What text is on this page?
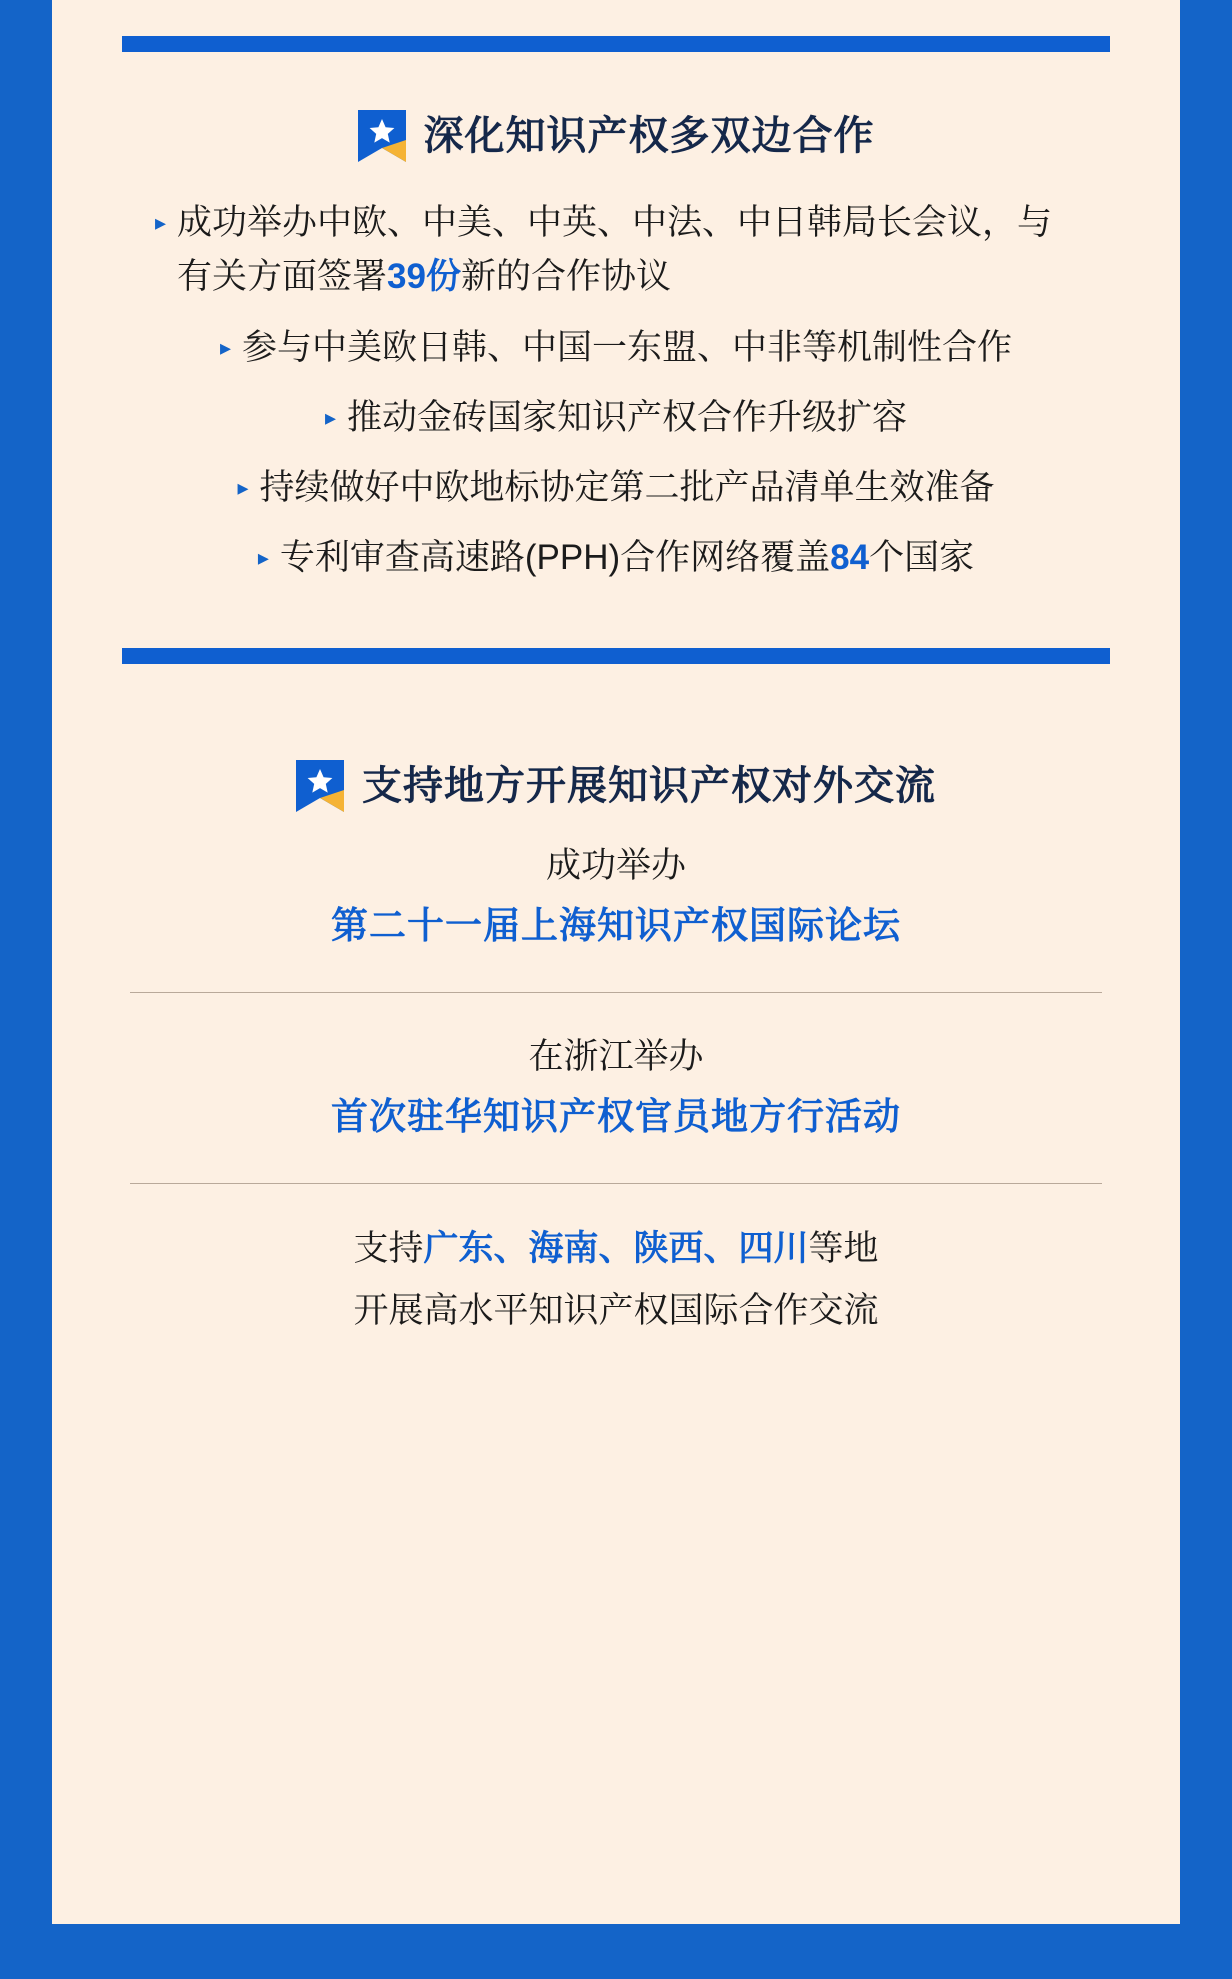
深化知识产权多双边合作
▸ 成功举办中欧、中美、中英、中法、中日韩局长会议，与有关方面签署39份新的合作协议
▸ 参与中美欧日韩、中国一东盟、中非等机制性合作
▸ 推动金砖国家知识产权合作升级扩容
▸ 持续做好中欧地标协定第二批产品清单生效准备
▸ 专利审查高速路(PPH)合作网络覆盖84个国家
支持地方开展知识产权对外交流
成功举办
第二十一届上海知识产权国际论坛
在浙江举办
首次驻华知识产权官员地方行活动
支持广东、海南、陕西、四川等地
开展高水平知识产权国际合作交流
